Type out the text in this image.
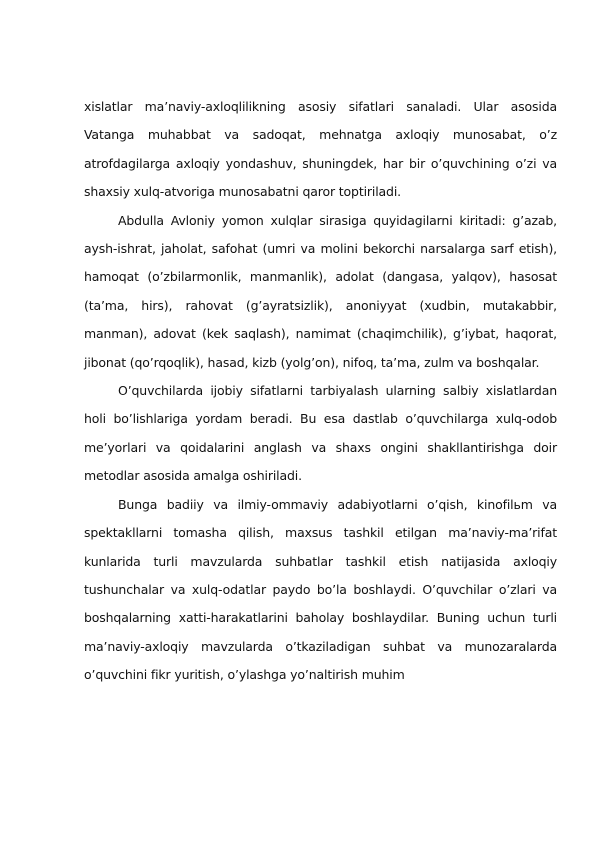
xislatlar ma’naviy-axloqlilikning asosiy sifatlari sanaladi. Ular asosida Vatanga muhabbat va sadoqat, mehnatga axloqiy munosabat, o’z atrofdagilarga axloqiy yondashuv, shuningdek, har bir o’quvchining o’zi va shaxsiy xulq-atvoriga munosabatni qaror toptiriladi.

Abdulla Avloniy yomon xulqlar sirasiga quyidagilarni kiritadi: g’azab, aysh-ishrat, jaholat, safohat (umri va molini bekorchi narsalarga sarf etish), hamoqat (o’zbilarmonlik, manmanlik), adolat (dangasa, yalqov), hasosat (ta’ma, hirs), rahovat (g’ayratsizlik), anoniyyat (xudbin, mutakabbir, manman), adovat (kek saqlash), namimat (chaqimchilik), g’iybat, haqorat, jibonat (qo’rqoqlik), hasad, kizb (yolg’on), nifoq, ta’ma, zulm va boshqalar.

O’quvchilarda ijobiy sifatlarni tarbiyalash ularning salbiy xislatlardan holi bo’lishlariga yordam beradi. Bu esa dastlab o’quvchilarga xulq-odob me’yorlari va qoidalarini anglash va shaxs ongini shakllantirishga doir metodlar asosida amalga oshiriladi.

Bunga badiiy va ilmiy-ommaviy adabiyotlarni o’qish, kinofilьm va spektakllarni tomasha qilish, maxsus tashkil etilgan ma’naviy-ma’rifat kunlarida turli mavzularda suhbatlar tashkil etish natijasida axloqiy tushunchalar va xulq-odatlar paydo bo’la boshlaydi. O’quvchilar o’zlari va boshqalarning xatti-harakatlarini baholay boshlaydilar. Buning uchun turli ma’naviy-axloqiy mavzularda o’tkaziladigan suhbat va munozaralarda o’quvchini fikr yuritish, o’ylashga yo’naltirish muhim
